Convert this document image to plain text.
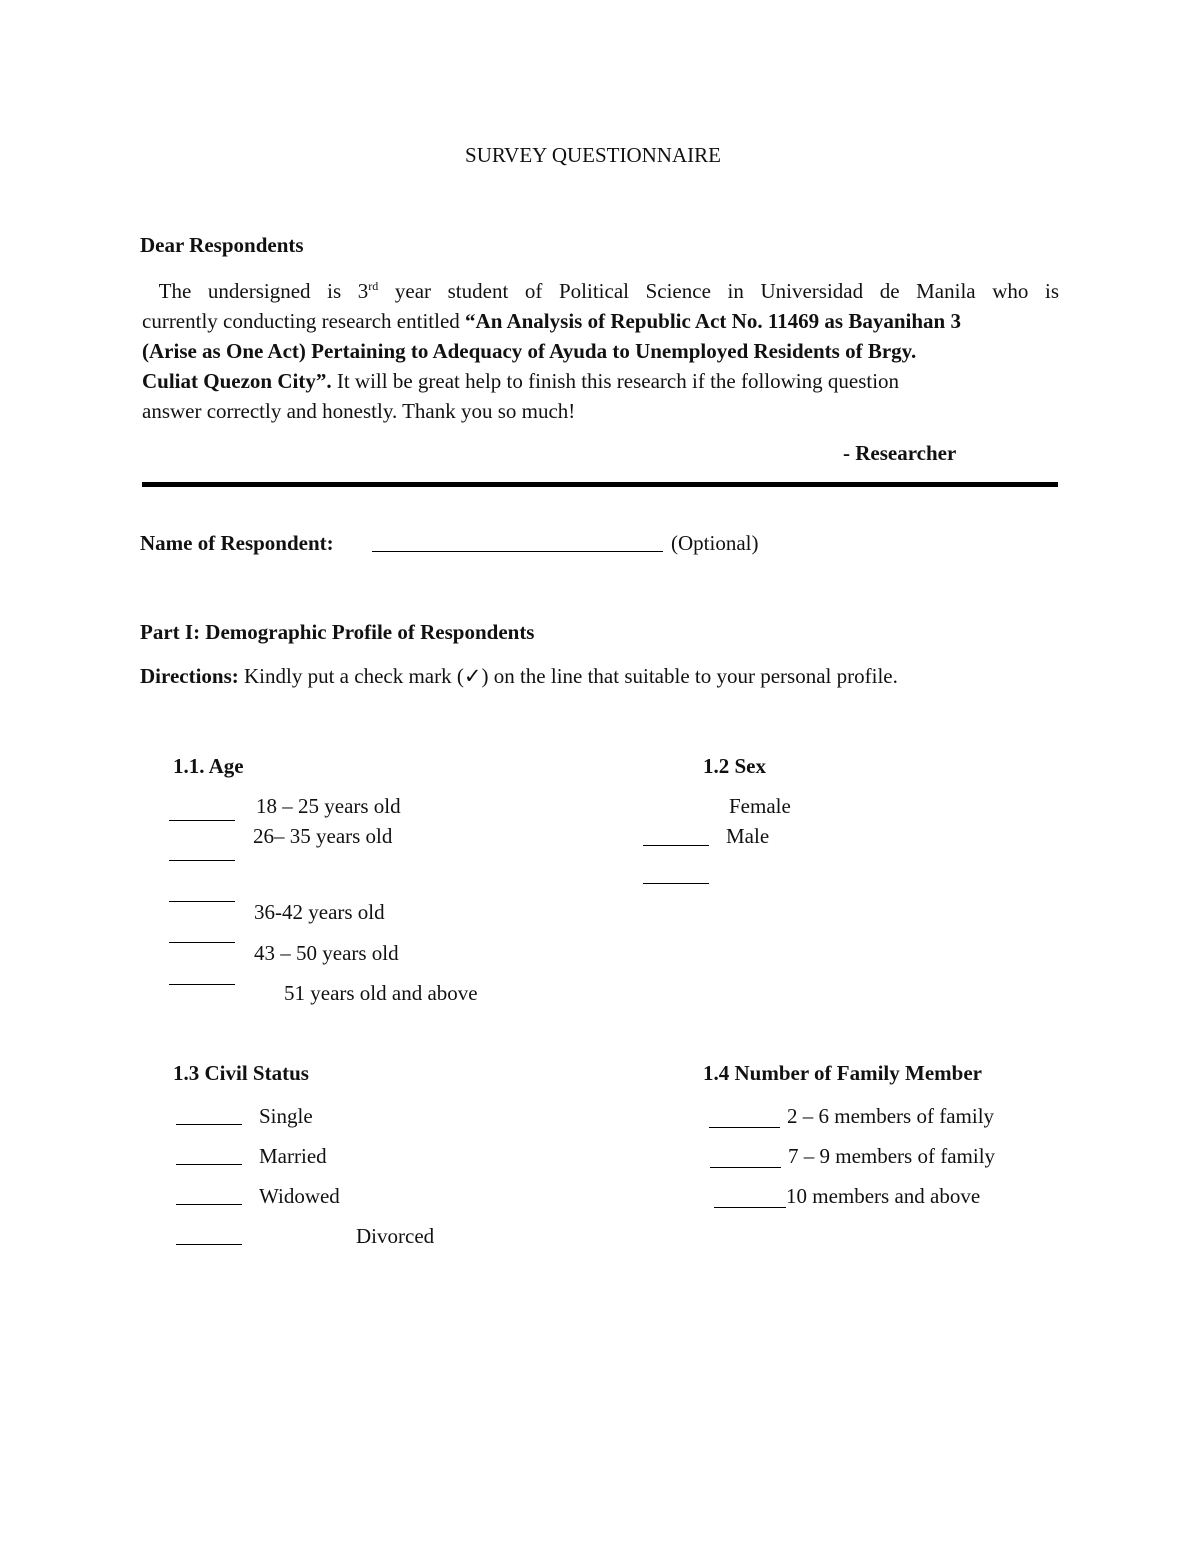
SURVEY QUESTIONNAIRE
Dear Respondents
The undersigned is 3rd year student of Political Science in Universidad de Manila who is
currently conducting research entitled “An Analysis of Republic Act No. 11469 as Bayanihan 3
(Arise as One Act) Pertaining to Adequacy of Ayuda to Unemployed Residents of Brgy.
Culiat Quezon City”. It will be great help to finish this research if the following question
answer correctly and honestly. Thank you so much!
- Researcher
Name of Respondent:	(Optional)
Part I: Demographic Profile of Respondents
Directions: Kindly put a check mark (✓) on the line that suitable to your personal profile.
1.1. Age
18 – 25 years old
26– 35 years old
36-42 years old
43 – 50 years old
51 years old and above
1.2 Sex
Female
Male
1.3 Civil Status
Single
Married
Widowed
Divorced
1.4 Number of Family Member
2 – 6 members of family
7 – 9 members of family
10 members and above
